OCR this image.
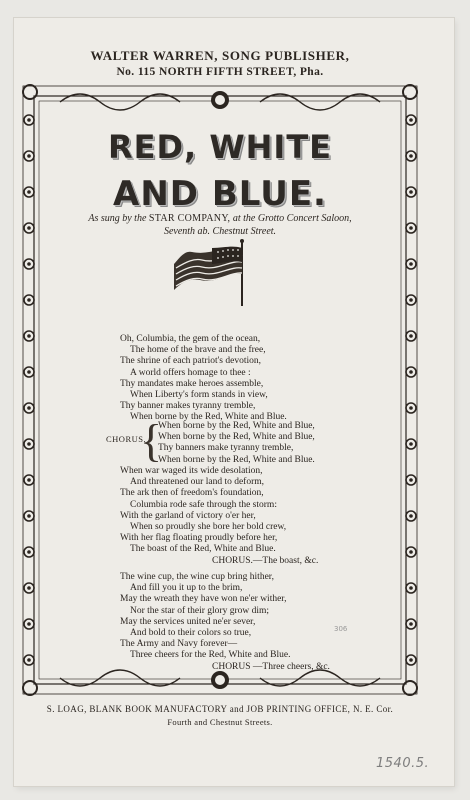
WALTER WARREN, SONG PUBLISHER,
No. 115 NORTH FIFTH STREET, Pha.
RED, WHITE
AND BLUE.
As sung by the STAR COMPANY, at the Grotto Concert Saloon,
Seventh ab. Chestnut Street.
Oh, Columbia, the gem of the ocean,
The home of the brave and the free,
The shrine of each patriot's devotion,
A world offers homage to thee :
Thy mandates make heroes assemble,
When Liberty's form stands in view,
Thy banner makes tyranny tremble,
When borne by the Red, White and Blue.
CHORUS.
{
When borne by the Red, White and Blue,
When borne by the Red, White and Blue,
Thy banners make tyranny tremble,
When borne by the Red, White and Blue.
When war waged its wide desolation,
And threatened our land to deform,
The ark then of freedom's foundation,
Columbia rode safe through the storm:
With the garland of victory o'er her,
When so proudly she bore her bold crew,
With her flag floating proudly before her,
The boast of the Red, White and Blue.
CHORUS.—The boast, &c.
The wine cup, the wine cup bring hither,
And fill you it up to the brim,
May the wreath they have won ne'er wither,
Nor the star of their glory grow dim;
May the services united ne'er sever,
And bold to their colors so true,
The Army and Navy forever—
Three cheers for the Red, White and Blue.
CHORUS —Three cheers, &c.
306
S. LOAG, BLANK BOOK MANUFACTORY and JOB PRINTING OFFICE, N. E. Cor.
Fourth and Chestnut Streets.
1540.5.
